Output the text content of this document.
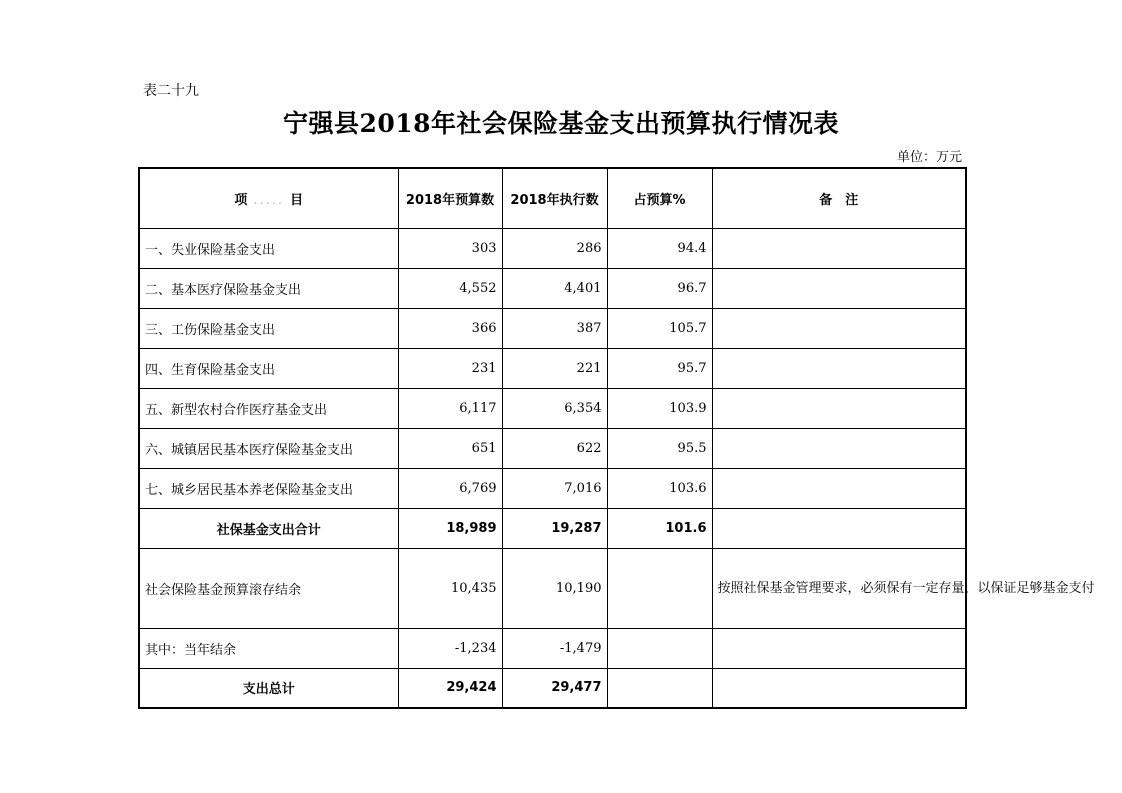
表二十九
宁强县2018年社会保险基金支出预算执行情况表
单位：万元
项 ..... 目	2018年预算数	2018年执行数	占预算%	备　注
一、失业保险基金支出	303	286	94.4	
二、基本医疗保险基金支出	4,552	4,401	96.7	
三、工伤保险基金支出	366	387	105.7	
四、生育保险基金支出	231	221	95.7	
五、新型农村合作医疗基金支出	6,117	6,354	103.9	
六、城镇居民基本医疗保险基金支出	651	622	95.5	
七、城乡居民基本养老保险基金支出	6,769	7,016	103.6	
社保基金支出合计	18,989	19,287	101.6	
社会保险基金预算滚存结余	10,435	10,190		按照社保基金管理要求，必须保有一定存量，以保证足够基金支付
其中：当年结余	-1,234	-1,479		
支出总计	29,424	29,477		
